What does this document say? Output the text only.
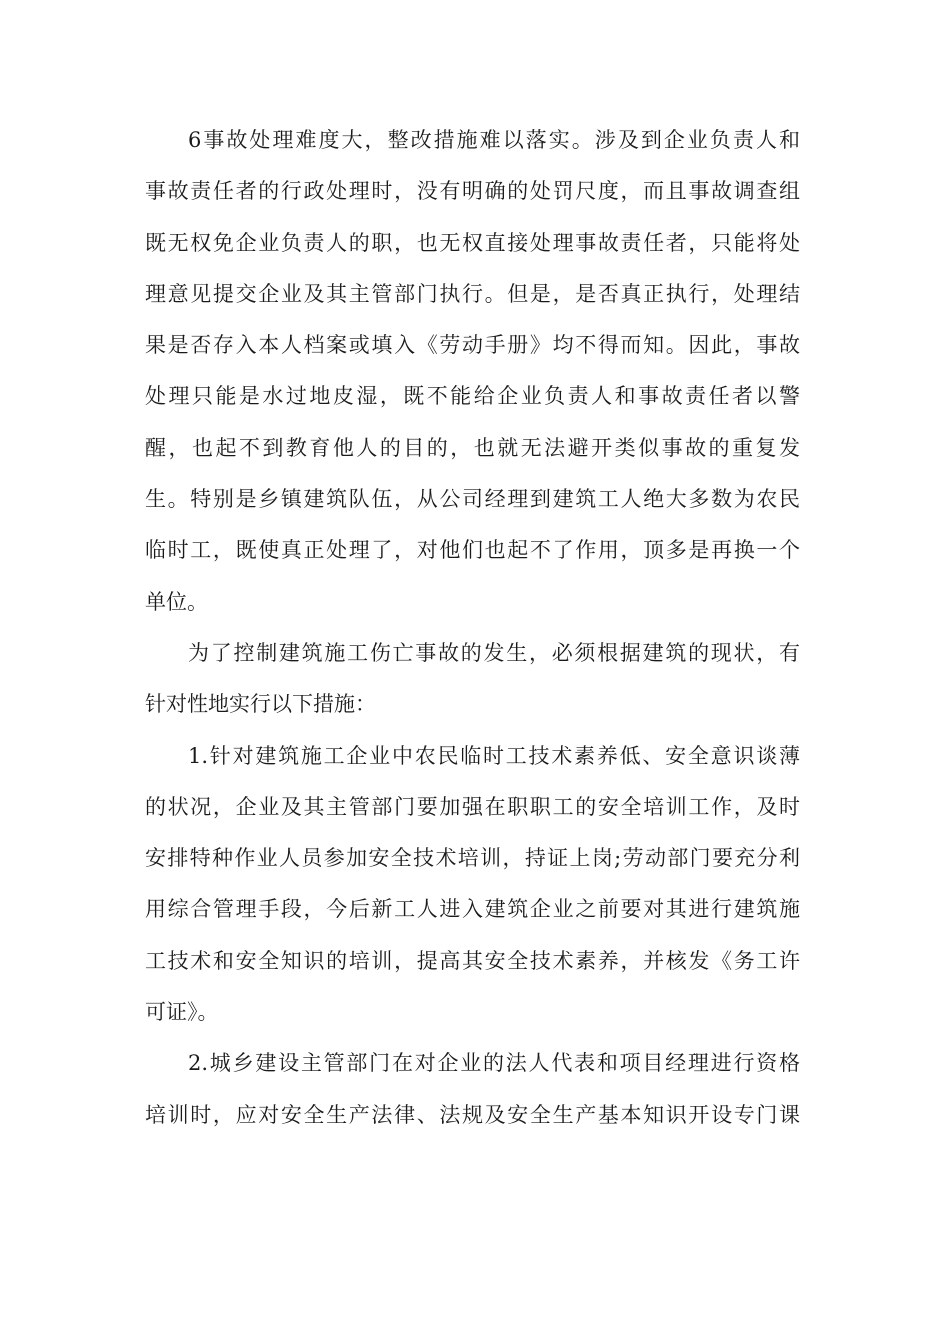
6事故处理难度大，整改措施难以落实。涉及到企业负责人和
事故责任者的行政处理时，没有明确的处罚尺度，而且事故调查组
既无权免企业负责人的职，也无权直接处理事故责任者，只能将处
理意见提交企业及其主管部门执行。但是，是否真正执行，处理结
果是否存入本人档案或填入《劳动手册》均不得而知。因此，事故
处理只能是水过地皮湿，既不能给企业负责人和事故责任者以警
醒，也起不到教育他人的目的，也就无法避开类似事故的重复发
生。特别是乡镇建筑队伍，从公司经理到建筑工人绝大多数为农民
临时工，既使真正处理了，对他们也起不了作用，顶多是再换一个
单位。
为了控制建筑施工伤亡事故的发生，必须根据建筑的现状，有
针对性地实行以下措施：
1.针对建筑施工企业中农民临时工技术素养低、安全意识谈薄
的状况，企业及其主管部门要加强在职职工的安全培训工作，及时
安排特种作业人员参加安全技术培训，持证上岗;劳动部门要充分利
用综合管理手段，今后新工人进入建筑企业之前要对其进行建筑施
工技术和安全知识的培训，提高其安全技术素养，并核发《务工许
可证》。
2.城乡建设主管部门在对企业的法人代表和项目经理进行资格
培训时，应对安全生产法律、法规及安全生产基本知识开设专门课
